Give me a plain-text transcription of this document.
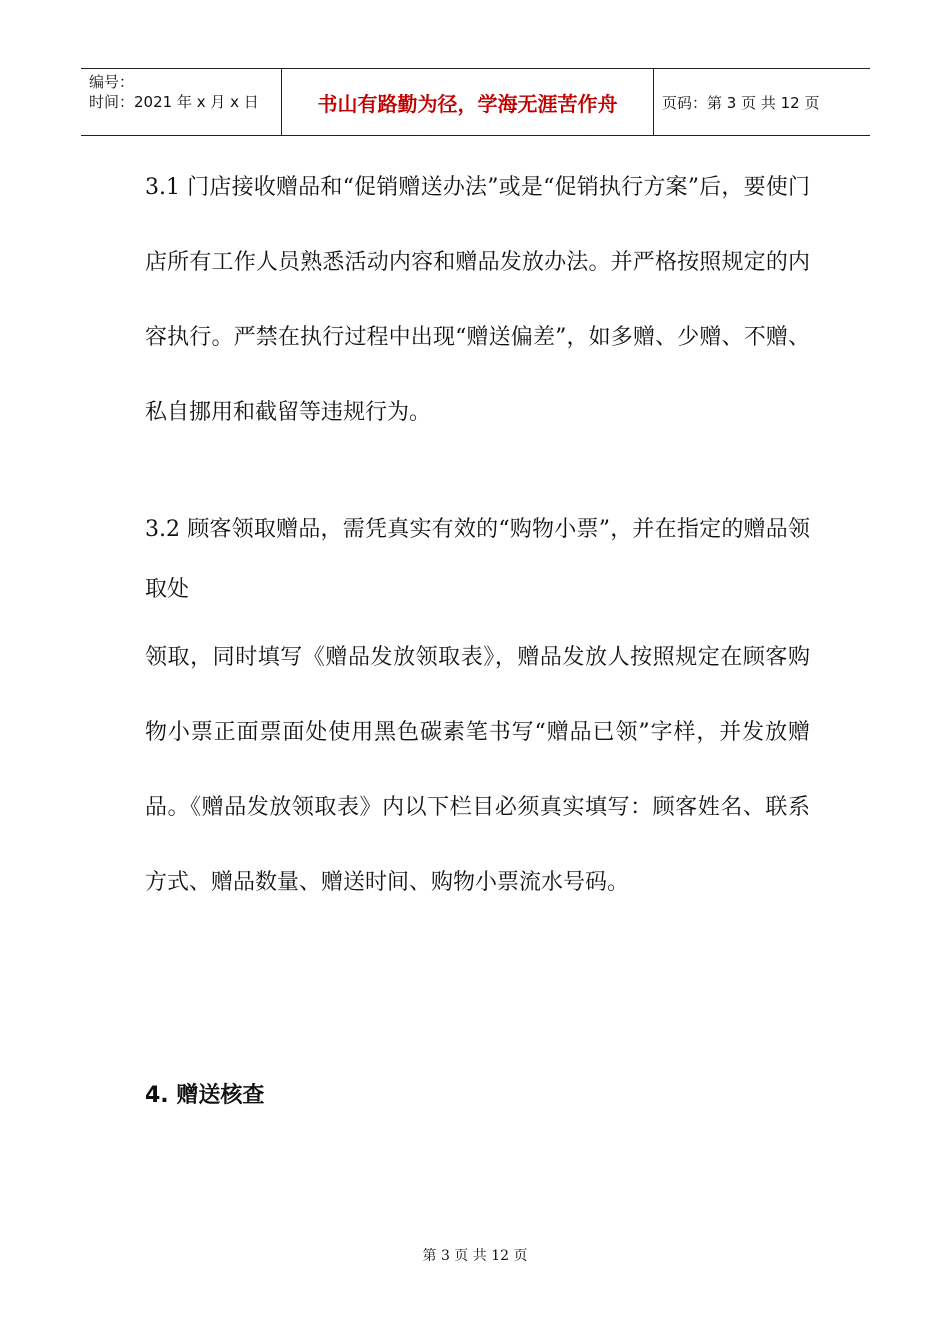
编号：
时间：2021 年 x 月 x 日	书山有路勤为径，学海无涯苦作舟	页码：第 3 页 共 12 页

3.1 门店接收赠品和“促销赠送办法”或是“促销执行方案”后，要使门店所有工作人员熟悉活动内容和赠品发放办法。并严格按照规定的内容执行。严禁在执行过程中出现“赠送偏差”，如多赠、少赠、不赠、私自挪用和截留等违规行为。

3.2 顾客领取赠品，需凭真实有效的“购物小票”，并在指定的赠品领取处

领取，同时填写《赠品发放领取表》，赠品发放人按照规定在顾客购物小票正面票面处使用黑色碳素笔书写“赠品已领”字样，并发放赠品。《赠品发放领取表》内以下栏目必须真实填写：顾客姓名、联系方式、赠品数量、赠送时间、购物小票流水号码。

4. 赠送核查
第 3 页 共 12 页
